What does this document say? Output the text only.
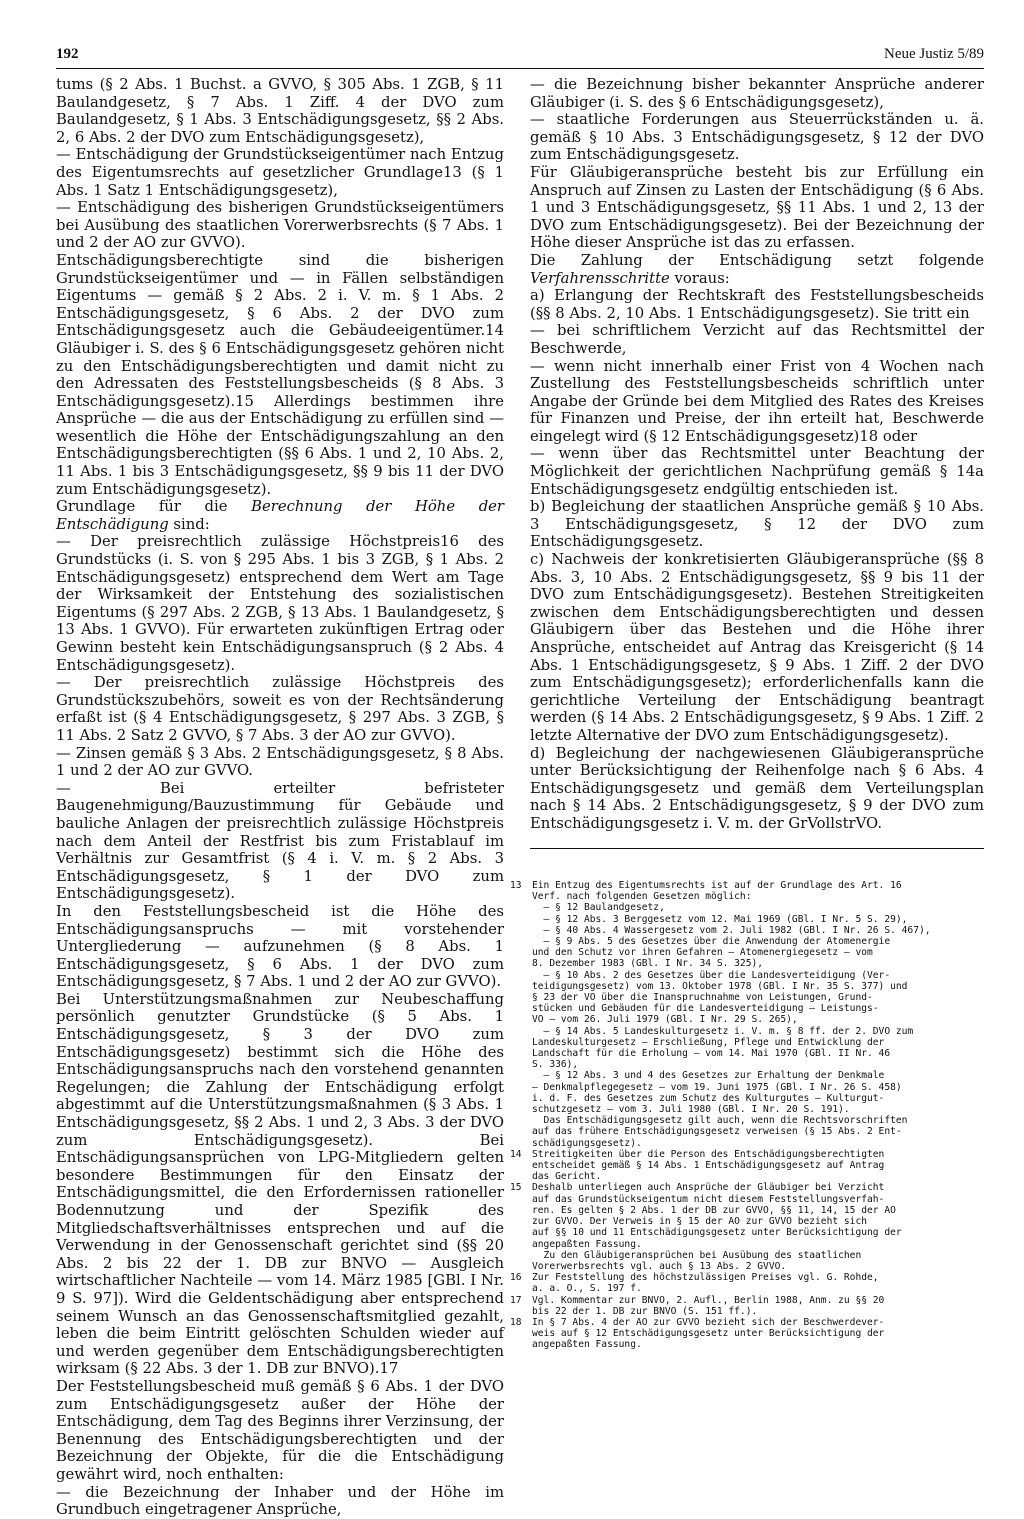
192	Neue Justiz 5/89

tums (§ 2 Abs. 1 Buchst. a GVVO, § 305 Abs. 1 ZGB, § 11 Baulandgesetz, § 7 Abs. 1 Ziff. 4 der DVO zum Baulandgesetz, § 1 Abs. 3 Entschädigungsgesetz, §§ 2 Abs. 2, 6 Abs. 2 der DVO zum Entschädigungsgesetz),

— Entschädigung der Grundstückseigentümer nach Entzug des Eigentumsrechts auf gesetzlicher Grundlage13 (§ 1 Abs. 1 Satz 1 Entschädigungsgesetz),

— Entschädigung des bisherigen Grundstückseigentümers bei Ausübung des staatlichen Vorerwerbsrechts (§ 7 Abs. 1 und 2 der AO zur GVVO).

Entschädigungsberechtigte sind die bisherigen Grundstückseigentümer und — in Fällen selbständigen Eigentums — gemäß § 2 Abs. 2 i. V. m. § 1 Abs. 2 Entschädigungsgesetz, § 6 Abs. 2 der DVO zum Entschädigungsgesetz auch die Gebäudeeigentümer.14 Gläubiger i. S. des § 6 Entschädigungsgesetz gehören nicht zu den Entschädigungsberechtigten und damit nicht zu den Adressaten des Feststellungsbescheids (§ 8 Abs. 3 Entschädigungsgesetz).15 Allerdings bestimmen ihre Ansprüche — die aus der Entschädigung zu erfüllen sind — wesentlich die Höhe der Entschädigungszahlung an den Entschädigungsberechtigten (§§ 6 Abs. 1 und 2, 10 Abs. 2, 11 Abs. 1 bis 3 Entschädigungsgesetz, §§ 9 bis 11 der DVO zum Entschädigungsgesetz).

Grundlage für die Berechnung der Höhe der Entschädigung sind:

— Der preisrechtlich zulässige Höchstpreis16 des Grundstücks (i. S. von § 295 Abs. 1 bis 3 ZGB, § 1 Abs. 2 Entschädigungsgesetz) entsprechend dem Wert am Tage der Wirksamkeit der Entstehung des sozialistischen Eigentums (§ 297 Abs. 2 ZGB, § 13 Abs. 1 Baulandgesetz, § 13 Abs. 1 GVVO). Für erwarteten zukünftigen Ertrag oder Gewinn besteht kein Entschädigungsanspruch (§ 2 Abs. 4 Entschädigungsgesetz).

— Der preisrechtlich zulässige Höchstpreis des Grundstückszubehörs, soweit es von der Rechtsänderung erfaßt ist (§ 4 Entschädigungsgesetz, § 297 Abs. 3 ZGB, § 11 Abs. 2 Satz 2 GVVO, § 7 Abs. 3 der AO zur GVVO).

— Zinsen gemäß § 3 Abs. 2 Entschädigungsgesetz, § 8 Abs. 1 und 2 der AO zur GVVO.

— Bei erteilter befristeter Baugenehmigung/Bauzustimmung für Gebäude und bauliche Anlagen der preisrechtlich zulässige Höchstpreis nach dem Anteil der Restfrist bis zum Fristablauf im Verhältnis zur Gesamtfrist (§ 4 i. V. m. § 2 Abs. 3 Entschädigungsgesetz, § 1 der DVO zum Entschädigungsgesetz).

In den Feststellungsbescheid ist die Höhe des Entschädigungsanspruchs — mit vorstehender Untergliederung — aufzunehmen (§ 8 Abs. 1 Entschädigungsgesetz, § 6 Abs. 1 der DVO zum Entschädigungsgesetz, § 7 Abs. 1 und 2 der AO zur GVVO).

Bei Unterstützungsmaßnahmen zur Neubeschaffung persönlich genutzter Grundstücke (§ 5 Abs. 1 Entschädigungsgesetz, § 3 der DVO zum Entschädigungsgesetz) bestimmt sich die Höhe des Entschädigungsanspruchs nach den vorstehend genannten Regelungen; die Zahlung der Entschädigung erfolgt abgestimmt auf die Unterstützungsmaßnahmen (§ 3 Abs. 1 Entschädigungsgesetz, §§ 2 Abs. 1 und 2, 3 Abs. 3 der DVO zum Entschädigungsgesetz). Bei Entschädigungsansprüchen von LPG-Mitgliedern gelten besondere Bestimmungen für den Einsatz der Entschädigungsmittel, die den Erfordernissen rationeller Bodennutzung und der Spezifik des Mitgliedschaftsverhältnisses entsprechen und auf die Verwendung in der Genossenschaft gerichtet sind (§§ 20 Abs. 2 bis 22 der 1. DB zur BNVO — Ausgleich wirtschaftlicher Nachteile — vom 14. März 1985 [GBl. I Nr. 9 S. 97]). Wird die Geldentschädigung aber entsprechend seinem Wunsch an das Genossenschaftsmitglied gezahlt, leben die beim Eintritt gelöschten Schulden wieder auf und werden gegenüber dem Entschädigungsberechtigten wirksam (§ 22 Abs. 3 der 1. DB zur BNVO).17

Der Feststellungsbescheid muß gemäß § 6 Abs. 1 der DVO zum Entschädigungsgesetz außer der Höhe der Entschädigung, dem Tag des Beginns ihrer Verzinsung, der Benennung des Entschädigungsberechtigten und der Bezeichnung der Objekte, für die die Entschädigung gewährt wird, noch enthalten:

— die Bezeichnung der Inhaber und der Höhe im Grundbuch eingetragener Ansprüche,

— die Bezeichnung bisher bekannter Ansprüche anderer Gläubiger (i. S. des § 6 Entschädigungsgesetz),

— staatliche Forderungen aus Steuerrückständen u. ä. gemäß § 10 Abs. 3 Entschädigungsgesetz, § 12 der DVO zum Entschädigungsgesetz.

Für Gläubigeransprüche besteht bis zur Erfüllung ein Anspruch auf Zinsen zu Lasten der Entschädigung (§ 6 Abs. 1 und 3 Entschädigungsgesetz, §§ 11 Abs. 1 und 2, 13 der DVO zum Entschädigungsgesetz). Bei der Bezeichnung der Höhe dieser Ansprüche ist das zu erfassen.

Die Zahlung der Entschädigung setzt folgende Verfahrensschritte voraus:

a) Erlangung der Rechtskraft des Feststellungsbescheids (§§ 8 Abs. 2, 10 Abs. 1 Entschädigungsgesetz). Sie tritt ein

— bei schriftlichem Verzicht auf das Rechtsmittel der Beschwerde,

— wenn nicht innerhalb einer Frist von 4 Wochen nach Zustellung des Feststellungsbescheids schriftlich unter Angabe der Gründe bei dem Mitglied des Rates des Kreises für Finanzen und Preise, der ihn erteilt hat, Beschwerde eingelegt wird (§ 12 Entschädigungsgesetz)18 oder

— wenn über das Rechtsmittel unter Beachtung der Möglichkeit der gerichtlichen Nachprüfung gemäß § 14a Entschädigungsgesetz endgültig entschieden ist.

b) Begleichung der staatlichen Ansprüche gemäß § 10 Abs. 3 Entschädigungsgesetz, § 12 der DVO zum Entschädigungsgesetz.

c) Nachweis der konkretisierten Gläubigeransprüche (§§ 8 Abs. 3, 10 Abs. 2 Entschädigungsgesetz, §§ 9 bis 11 der DVO zum Entschädigungsgesetz). Bestehen Streitigkeiten zwischen dem Entschädigungsberechtigten und dessen Gläubigern über das Bestehen und die Höhe ihrer Ansprüche, entscheidet auf Antrag das Kreisgericht (§ 14 Abs. 1 Entschädigungsgesetz, § 9 Abs. 1 Ziff. 2 der DVO zum Entschädigungsgesetz); erforderlichenfalls kann die gerichtliche Verteilung der Entschädigung beantragt werden (§ 14 Abs. 2 Entschädigungsgesetz, § 9 Abs. 1 Ziff. 2 letzte Alternative der DVO zum Entschädigungsgesetz).

d) Begleichung der nachgewiesenen Gläubigeransprüche unter Berücksichtigung der Reihenfolge nach § 6 Abs. 4 Entschädigungsgesetz und gemäß dem Verteilungsplan nach § 14 Abs. 2 Entschädigungsgesetz, § 9 der DVO zum Entschädigungsgesetz i. V. m. der GrVollstrVO.

13	Ein Entzug des Eigentumsrechts ist auf der Grundlage des Art. 16
Verf. nach folgenden Gesetzen möglich:
— § 12 Baulandgesetz,
— § 12 Abs. 3 Berggesetz vom 12. Mai 1969 (GBl. I Nr. 5 S. 29),
— § 40 Abs. 4 Wassergesetz vom 2. Juli 1982 (GBl. I Nr. 26 S. 467),
— § 9 Abs. 5 des Gesetzes über die Anwendung der Atomenergie
und den Schutz vor ihren Gefahren — Atomenergiegesetz — vom
8. Dezember 1983 (GBl. I Nr. 34 S. 325),
— § 10 Abs. 2 des Gesetzes über die Landesverteidigung (Ver-
teidigungsgesetz) vom 13. Oktober 1978 (GBl. I Nr. 35 S. 377) und
§ 23 der VO über die Inanspruchnahme von Leistungen, Grund-
stücken und Gebäuden für die Landesverteidigung — Leistungs-
VO — vom 26. Juli 1979 (GBl. I Nr. 29 S. 265),
— § 14 Abs. 5 Landeskulturgesetz i. V. m. § 8 ff. der 2. DVO zum
Landeskulturgesetz — Erschließung, Pflege und Entwicklung der
Landschaft für die Erholung — vom 14. Mai 1970 (GBl. II Nr. 46
S. 336),
— § 12 Abs. 3 und 4 des Gesetzes zur Erhaltung der Denkmale
— Denkmalpflegegesetz — vom 19. Juni 1975 (GBl. I Nr. 26 S. 458)
i. d. F. des Gesetzes zum Schutz des Kulturgutes — Kulturgut-
schutzgesetz — vom 3. Juli 1980 (GBl. I Nr. 20 S. 191).
Das Entschädigungsgesetz gilt auch, wenn die Rechtsvorschriften
auf das frühere Entschädigungsgesetz verweisen (§ 15 Abs. 2 Ent-
schädigungsgesetz).
14	Streitigkeiten über die Person des Entschädigungsberechtigten
entscheidet gemäß § 14 Abs. 1 Entschädigungsgesetz auf Antrag
das Gericht.
15	Deshalb unterliegen auch Ansprüche der Gläubiger bei Verzicht
auf das Grundstückseigentum nicht diesem Feststellungsverfah-
ren. Es gelten § 2 Abs. 1 der DB zur GVVO, §§ 11, 14, 15 der AO
zur GVVO. Der Verweis in § 15 der AO zur GVVO bezieht sich
auf §§ 10 und 11 Entschädigungsgesetz unter Berücksichtigung der
angepaßten Fassung.
Zu den Gläubigeransprüchen bei Ausübung des staatlichen
Vorerwerbsrechts vgl. auch § 13 Abs. 2 GVVO.
16	Zur Feststellung des höchstzulässigen Preises vgl. G. Rohde,
a. a. O., S. 197 f.
17	Vgl. Kommentar zur BNVO, 2. Aufl., Berlin 1988, Anm. zu §§ 20
bis 22 der 1. DB zur BNVO (S. 151 ff.).
18	In § 7 Abs. 4 der AO zur GVVO bezieht sich der Beschwerdever-
weis auf § 12 Entschädigungsgesetz unter Berücksichtigung der
angepaßten Fassung.
